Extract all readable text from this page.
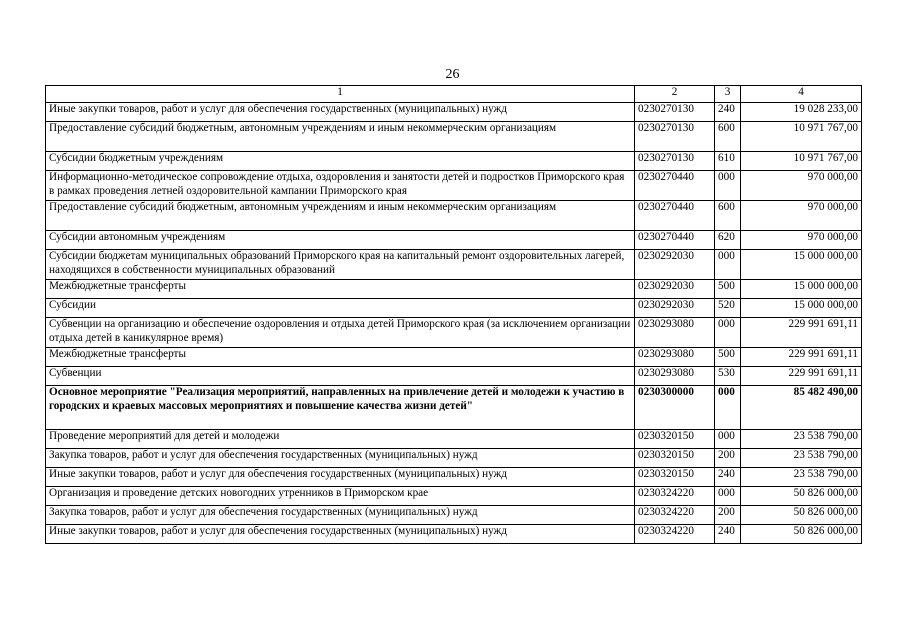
26
1	2	3	4
Иные закупки товаров, работ и услуг для обеспечения государственных (муниципальных) нужд	0230270130	240	19 028 233,00
Предоставление субсидий бюджетным, автономным учреждениям и иным некоммерческим организациям	0230270130	600	10 971 767,00
Субсидии бюджетным учреждениям	0230270130	610	10 971 767,00
Информационно-методическое сопровождение отдыха, оздоровления и занятости детей и подростков Приморского края в рамках проведения летней оздоровительной кампании Приморского края	0230270440	000	970 000,00
Предоставление субсидий бюджетным, автономным учреждениям и иным некоммерческим организациям	0230270440	600	970 000,00
Субсидии автономным учреждениям	0230270440	620	970 000,00
Субсидии бюджетам муниципальных образований Приморского края на капитальный ремонт оздоровительных лагерей, находящихся в собственности муниципальных образований	0230292030	000	15 000 000,00
Межбюджетные трансферты	0230292030	500	15 000 000,00
Субсидии	0230292030	520	15 000 000,00
Субвенции на организацию и обеспечение оздоровления и отдыха детей Приморского края (за исключением организации отдыха детей в каникулярное время)	0230293080	000	229 991 691,11
Межбюджетные трансферты	0230293080	500	229 991 691,11
Субвенции	0230293080	530	229 991 691,11
Основное мероприятие "Реализация мероприятий, направленных на привлечение детей и молодежи к участию в городских и краевых массовых мероприятиях и повышение качества жизни детей"	0230300000	000	85 482 490,00
Проведение мероприятий для детей и молодежи	0230320150	000	23 538 790,00
Закупка товаров, работ и услуг для обеспечения государственных (муниципальных) нужд	0230320150	200	23 538 790,00
Иные закупки товаров, работ и услуг для обеспечения государственных (муниципальных) нужд	0230320150	240	23 538 790,00
Организация и проведение детских новогодних утренников в Приморском крае	0230324220	000	50 826 000,00
Закупка товаров, работ и услуг для обеспечения государственных (муниципальных) нужд	0230324220	200	50 826 000,00
Иные закупки товаров, работ и услуг для обеспечения государственных (муниципальных) нужд	0230324220	240	50 826 000,00
